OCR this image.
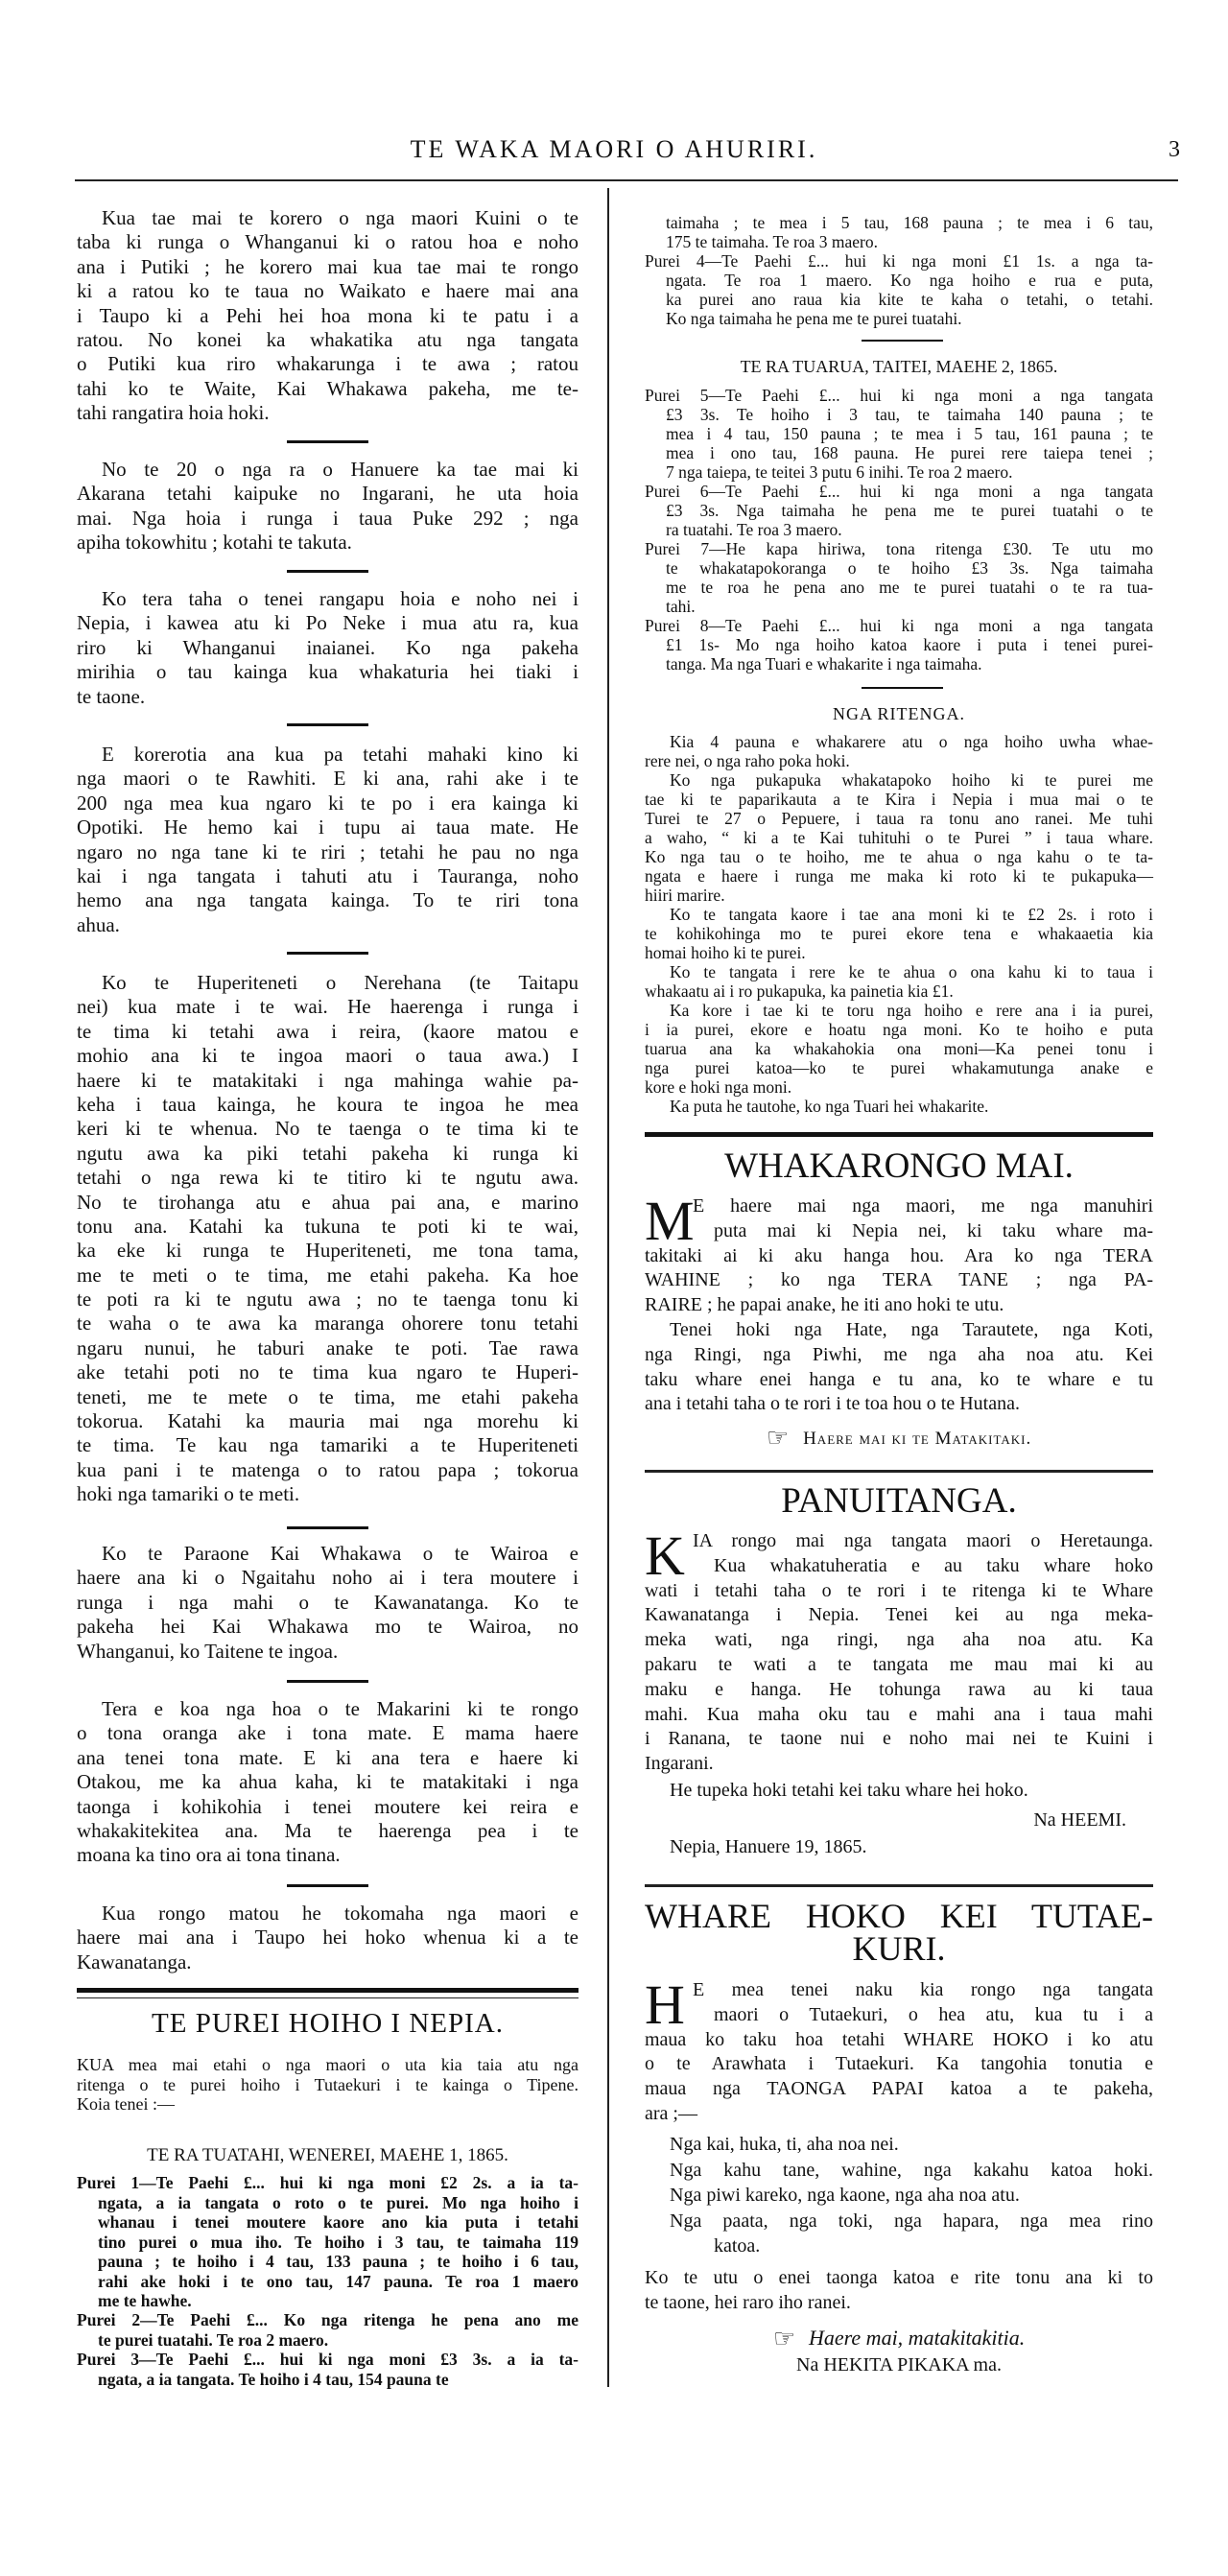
TE WAKA MAORI O AHURIRI.	3
Kua tae mai te korero o nga maori Kuini o te
taba ki runga o Whanganui ki o ratou hoa e noho
ana i Putiki ; he korero mai kua tae mai te rongo
ki a ratou ko te taua no Waikato e haere mai ana
i Taupo ki a Pehi hei hoa mona ki te patu i a
ratou. No konei ka whakatika atu nga tangata
o Putiki kua riro whakarunga i te awa ; ratou
tahi ko te Waite, Kai Whakawa pakeha, me te-
tahi rangatira hoia hoki.
No te 20 o nga ra o Hanuere ka tae mai ki
Akarana tetahi kaipuke no Ingarani, he uta hoia
mai. Nga hoia i runga i taua Puke 292 ; nga
apiha tokowhitu ; kotahi te takuta.
Ko tera taha o tenei rangapu hoia e noho nei i
Nepia, i kawea atu ki Po Neke i mua atu ra, kua
riro ki Whanganui inaianei. Ko nga pakeha
mirihia o tau kainga kua whakaturia hei tiaki i
te taone.
E korerotia ana kua pa tetahi mahaki kino ki
nga maori o te Rawhiti. E ki ana, rahi ake i te
200 nga mea kua ngaro ki te po i era kainga ki
Opotiki. He hemo kai i tupu ai taua mate. He
ngaro no nga tane ki te riri ; tetahi he pau no nga
kai i nga tangata i tahuti atu i Tauranga, noho
hemo ana nga tangata kainga. To te riri tona
ahua.
Ko te Huperiteneti o Nerehana (te Taitapu
nei) kua mate i te wai. He haerenga i runga i
te tima ki tetahi awa i reira, (kaore matou e
mohio ana ki te ingoa maori o taua awa.) I
haere ki te matakitaki i nga mahinga wahie pa-
keha i taua kainga, he koura te ingoa he mea
keri ki te whenua. No te taenga o te tima ki te
ngutu awa ka piki tetahi pakeha ki runga ki
tetahi o nga rewa ki te titiro ki te ngutu awa.
No te tirohanga atu e ahua pai ana, e marino
tonu ana. Katahi ka tukuna te poti ki te wai,
ka eke ki runga te Huperiteneti, me tona tama,
me te meti o te tima, me etahi pakeha. Ka hoe
te poti ra ki te ngutu awa ; no te taenga tonu ki
te waha o te awa ka maranga ohorere tonu tetahi
ngaru nunui, he taburi anake te poti. Tae rawa
ake tetahi poti no te tima kua ngaro te Huperi-
teneti, me te mete o te tima, me etahi pakeha
tokorua. Katahi ka mauria mai nga morehu ki
te tima. Te kau nga tamariki a te Huperiteneti
kua pani i te matenga o to ratou papa ; tokorua
hoki nga tamariki o te meti.
Ko te Paraone Kai Whakawa o te Wairoa e
haere ana ki o Ngaitahu noho ai i tera moutere i
runga i nga mahi o te Kawanatanga. Ko te
pakeha hei Kai Whakawa mo te Wairoa, no
Whanganui, ko Taitene te ingoa.
Tera e koa nga hoa o te Makarini ki te rongo
o tona oranga ake i tona mate. E mama haere
ana tenei tona mate. E ki ana tera e haere ki
Otakou, me ka ahua kaha, ki te matakitaki i nga
taonga i kohikohia i tenei moutere kei reira e
whakakitekitea ana. Ma te haerenga pea i te
moana ka tino ora ai tona tinana.
Kua rongo matou he tokomaha nga maori e
haere mai ana i Taupo hei hoko whenua ki a te
Kawanatanga.
TE PUREI HOIHO I NEPIA.
KUA mea mai etahi o nga maori o uta kia taia atu nga
ritenga o te purei hoiho i Tutaekuri i te kainga o Tipene.
Koia tenei :—
TE RA TUATAHI, WENEREI, MAEHE 1, 1865.
Purei 1—Te Paehi £... hui ki nga moni £2 2s. a ia ta-
ngata, a ia tangata o roto o te purei. Mo nga hoiho i
whanau i tenei moutere kaore ano kia puta i tetahi
tino purei o mua iho. Te hoiho i 3 tau, te taimaha 119
pauna ; te hoiho i 4 tau, 133 pauna ; te hoiho i 6 tau,
rahi ake hoki i te ono tau, 147 pauna. Te roa 1 maero
me te hawhe.
Purei 2—Te Paehi £... Ko nga ritenga he pena ano me
te purei tuatahi. Te roa 2 maero.
Purei 3—Te Paehi £... hui ki nga moni £3 3s. a ia ta-
ngata, a ia tangata. Te hoiho i 4 tau, 154 pauna te
taimaha ; te mea i 5 tau, 168 pauna ; te mea i 6 tau,
175 te taimaha. Te roa 3 maero.
Purei 4—Te Paehi £... hui ki nga moni £1 1s. a nga ta-
ngata. Te roa 1 maero. Ko nga hoiho e rua e puta,
ka purei ano raua kia kite te kaha o tetahi, o tetahi.
Ko nga taimaha he pena me te purei tuatahi.
TE RA TUARUA, TAITEI, MAEHE 2, 1865.
Purei 5—Te Paehi £... hui ki nga moni a nga tangata
£3 3s. Te hoiho i 3 tau, te taimaha 140 pauna ; te
mea i 4 tau, 150 pauna ; te mea i 5 tau, 161 pauna ; te
mea i ono tau, 168 pauna. He purei rere taiepa tenei ;
7 nga taiepa, te teitei 3 putu 6 inihi. Te roa 2 maero.
Purei 6—Te Paehi £... hui ki nga moni a nga tangata
£3 3s. Nga taimaha he pena me te purei tuatahi o te
ra tuatahi. Te roa 3 maero.
Purei 7—He kapa hiriwa, tona ritenga £30. Te utu mo
te whakatapokoranga o te hoiho £3 3s. Nga taimaha
me te roa he pena ano me te purei tuatahi o te ra tua-
tahi.
Purei 8—Te Paehi £... hui ki nga moni a nga tangata
£1 1s- Mo nga hoiho katoa kaore i puta i tenei purei-
tanga. Ma nga Tuari e whakarite i nga taimaha.
NGA RITENGA.
Kia 4 pauna e whakarere atu o nga hoiho uwha whae-
rere nei, o nga raho poka hoki.
Ko nga pukapuka whakatapoko hoiho ki te purei me
tae ki te paparikauta a te Kira i Nepia i mua mai o te
Turei te 27 o Pepuere, i taua ra tonu ano ranei. Me tuhi
a waho, “ ki a te Kai tuhituhi o te Purei ” i taua whare.
Ko nga tau o te hoiho, me te ahua o nga kahu o te ta-
ngata e haere i runga me maka ki roto ki te pukapuka—
hiiri marire.
Ko te tangata kaore i tae ana moni ki te £2 2s. i roto i
te kohikohinga mo te purei ekore tena e whakaaetia kia
homai hoiho ki te purei.
Ko te tangata i rere ke te ahua o ona kahu ki to taua i
whakaatu ai i ro pukapuka, ka painetia kia £1.
Ka kore i tae ki te toru nga hoiho e rere ana i ia purei,
i ia purei, ekore e hoatu nga moni. Ko te hoiho e puta
tuarua ana ka whakahokia ona moni—Ka penei tonu i
nga purei katoa—ko te purei whakamutunga anake e
kore e hoki nga moni.
Ka puta he tautohe, ko nga Tuari hei whakarite.
WHAKARONGO MAI.
M
E haere mai nga maori, me nga manuhiri
puta mai ki Nepia nei, ki taku whare ma-
takitaki ai ki aku hanga hou. Ara ko nga TERA
WAHINE ; ko nga TERA TANE ; nga PA-
RAIRE ; he papai anake, he iti ano hoki te utu.
Tenei hoki nga Hate, nga Tarautete, nga Koti,
nga Ringi, nga Piwhi, me nga aha noa atu. Kei
taku whare enei hanga e tu ana, ko te whare e tu
ana i tetahi taha o te rori i te toa hou o te Hutana.
☞ Haere mai ki te Matakitaki.
PANUITANGA.
K IA rongo mai nga tangata maori o Heretaunga.
Kua whakatuheratia e au taku whare hoko
wati i tetahi taha o te rori i te ritenga ki te Whare
Kawanatanga i Nepia. Tenei kei au nga meka-
meka wati, nga ringi, nga aha noa atu. Ka
pakaru te wati a te tangata me mau mai ki au
maku e hanga. He tohunga rawa au ki taua
mahi. Kua maha oku tau e mahi ana i taua mahi
i Ranana, te taone nui e noho mai nei te Kuini i
Ingarani.
He tupeka hoki tetahi kei taku whare hei hoko.
Na HEEMI.
Nepia, Hanuere 19, 1865.
WHARE HOKO KEI TUTAE-
KURI.
H E mea tenei naku kia rongo nga tangata
maori o Tutaekuri, o hea atu, kua tu i a
maua ko taku hoa tetahi WHARE HOKO i ko atu
o te Arawhata i Tutaekuri. Ka tangohia tonutia e
maua nga TAONGA PAPAI katoa a te pakeha,
ara ;—
Nga kai, huka, ti, aha noa nei.
Nga kahu tane, wahine, nga kakahu katoa hoki.
Nga piwi kareko, nga kaone, nga aha noa atu.
Nga paata, nga toki, nga hapara, nga mea rino
katoa.
Ko te utu o enei taonga katoa e rite tonu ana ki to
te taone, hei raro iho ranei.
☞ Haere mai, matakitakitia.
Na HEKITA PIKAKA ma.
